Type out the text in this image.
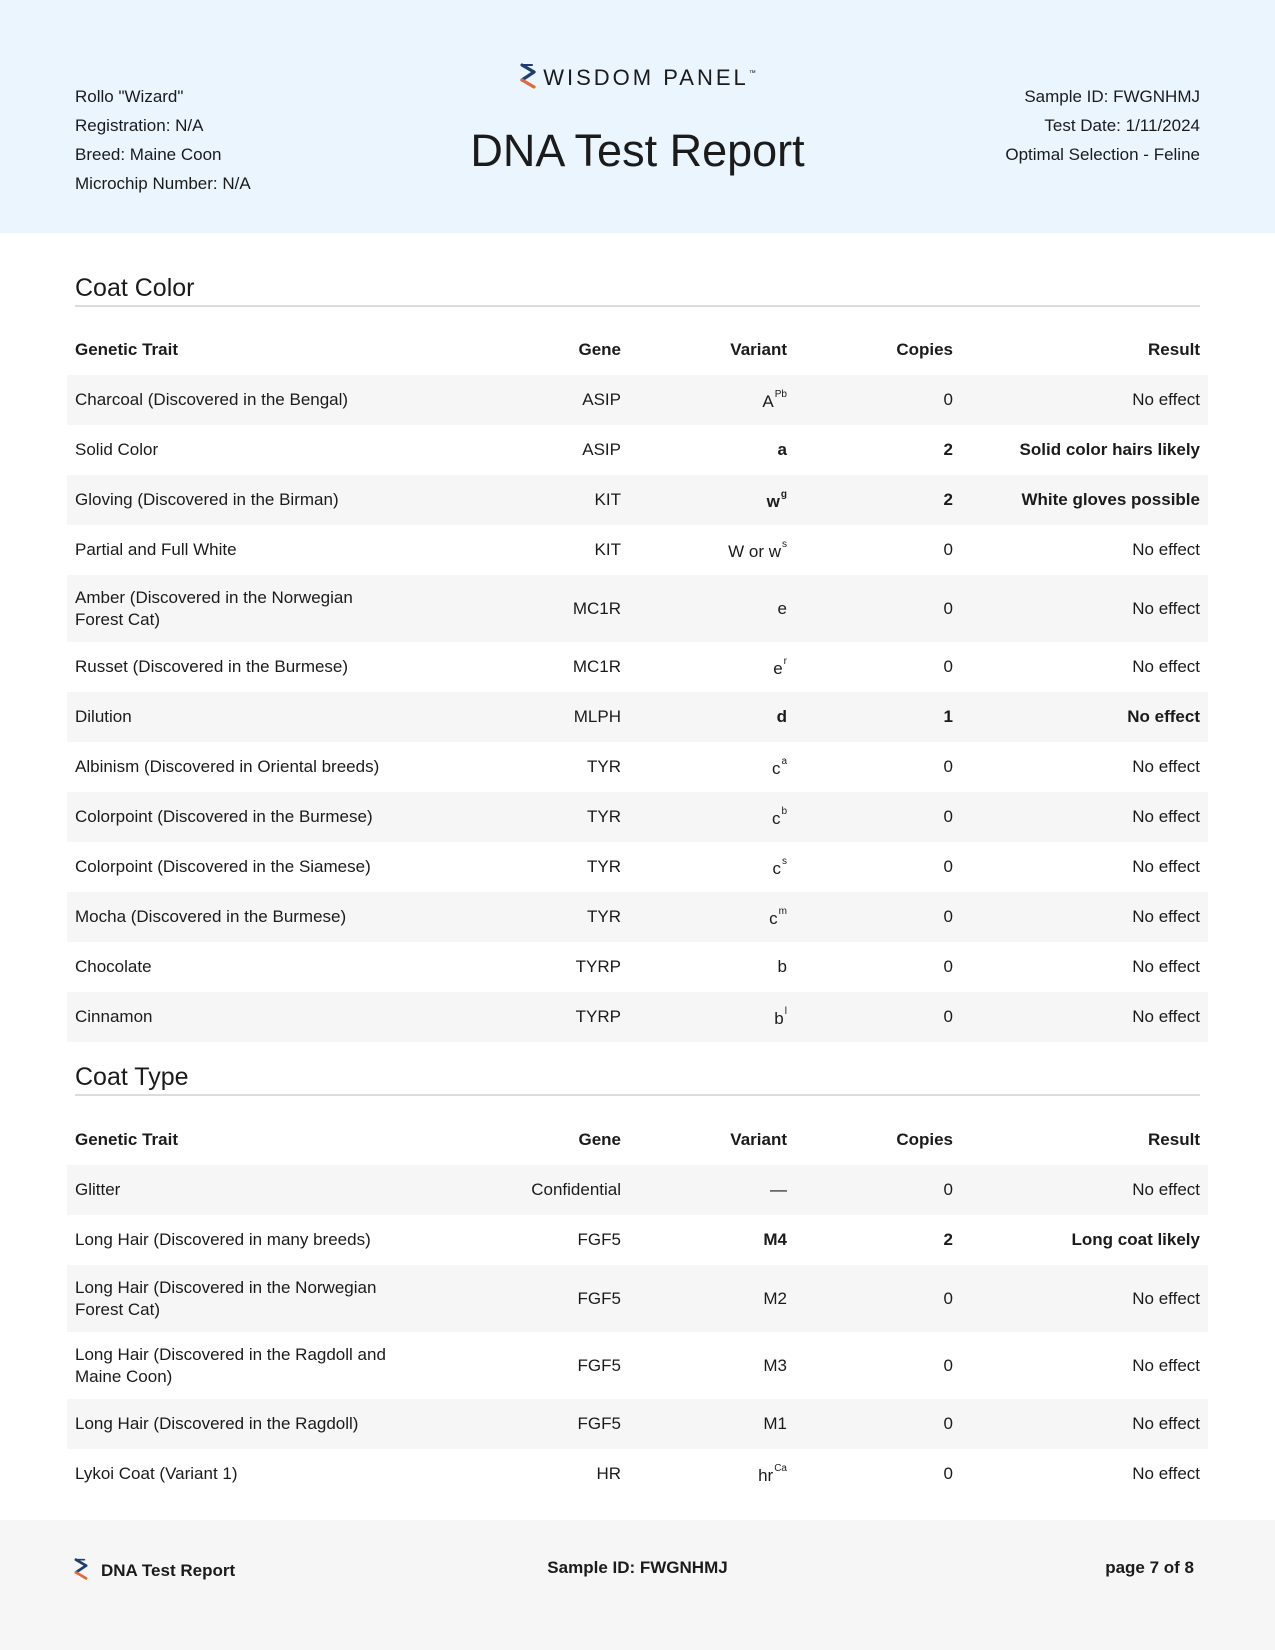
Rollo "Wizard"
Registration: N/A
Breed: Maine Coon
Microchip Number: N/A
WISDOM PANEL™
DNA Test Report
Sample ID: FWGNHMJ
Test Date: 1/11/2024
Optimal Selection - Feline
Coat Color
Genetic Trait	Gene	Variant	Copies	Result

Charcoal (Discovered in the Bengal)	ASIP	$A^{Pb}$	0	No effect

Solid Color	ASIP	a	2	Solid color hairs likely

Gloving (Discovered in the Birman)	KIT	$w^g$	2	White gloves possible

Partial and Full White	KIT	W or $w^s$	0	No effect

Amber (Discovered in the Norwegian Forest Cat)	MC1R	e	0	No effect

Russet (Discovered in the Burmese)	MC1R	$e^r$	0	No effect

Dilution	MLPH	d	1	No effect

Albinism (Discovered in Oriental breeds)	TYR	$c^a$	0	No effect

Colorpoint (Discovered in the Burmese)	TYR	$c^b$	0	No effect

Colorpoint (Discovered in the Siamese)	TYR	$c^s$	0	No effect

Mocha (Discovered in the Burmese)	TYR	$c^m$	0	No effect

Chocolate	TYRP	b	0	No effect

Cinnamon	TYRP	$b^l$	0	No effect
Coat Type
Genetic Trait	Gene	Variant	Copies	Result

Glitter	Confidential	—	0	No effect

Long Hair (Discovered in many breeds)	FGF5	M4	2	Long coat likely

Long Hair (Discovered in the Norwegian Forest Cat)	FGF5	M2	0	No effect

Long Hair (Discovered in the Ragdoll and Maine Coon)	FGF5	M3	0	No effect

Long Hair (Discovered in the Ragdoll)	FGF5	M1	0	No effect

Lykoi Coat (Variant 1)	HR	$hr^{Ca}$	0	No effect
DNA Test Report	Sample ID: FWGNHMJ	page 7 of 8
